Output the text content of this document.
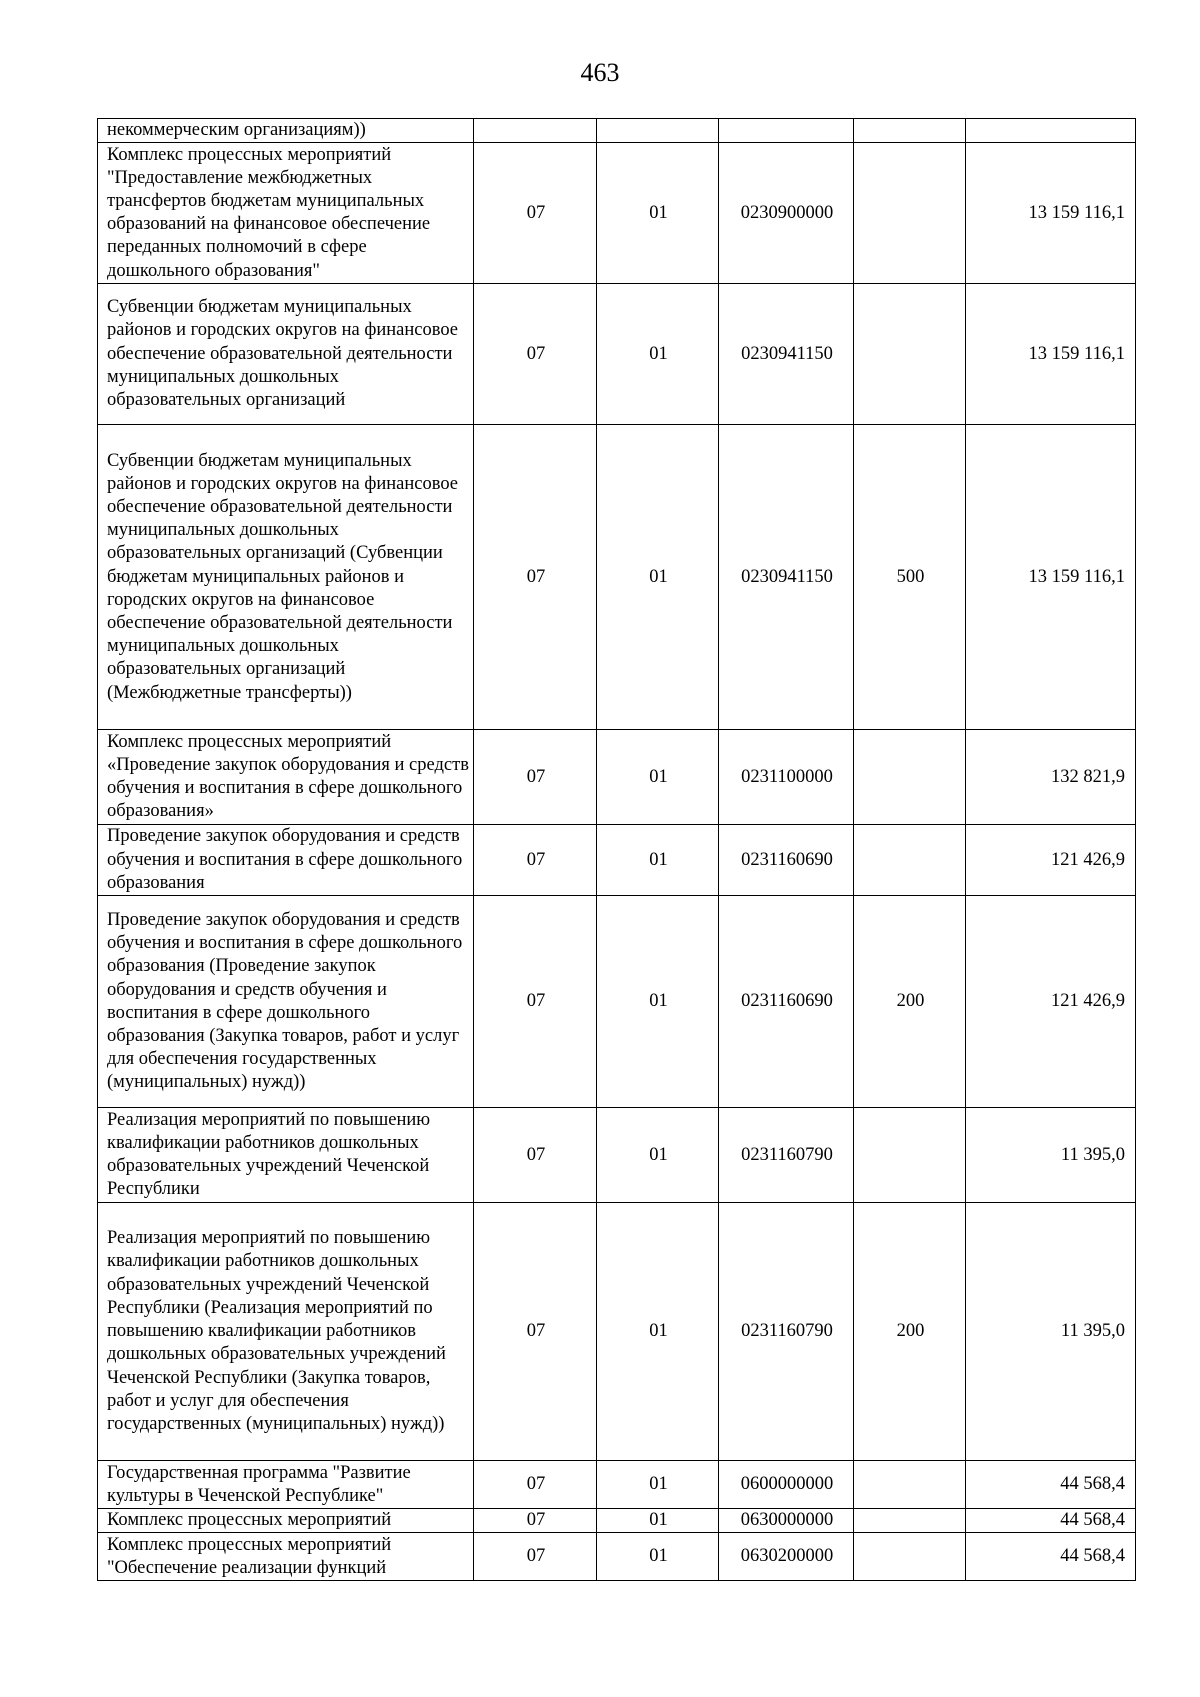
463
некоммерческим организациям))					
Комплекс процессных мероприятий "Предоставление межбюджетных трансфертов бюджетам муниципальных образований на финансовое обеспечение переданных полномочий в сфере дошкольного образования"	07	01	0230900000		13 159 116,1
Субвенции бюджетам муниципальных районов и городских округов на финансовое обеспечение образовательной деятельности муниципальных дошкольных образовательных организаций	07	01	0230941150		13 159 116,1
Субвенции бюджетам муниципальных районов и городских округов на финансовое обеспечение образовательной деятельности муниципальных дошкольных образовательных организаций (Субвенции бюджетам муниципальных районов и городских округов на финансовое обеспечение образовательной деятельности муниципальных дошкольных образовательных организаций (Межбюджетные трансферты))	07	01	0230941150	500	13 159 116,1
Комплекс процессных мероприятий «Проведение закупок оборудования и средств обучения и воспитания в сфере дошкольного образования»	07	01	0231100000		132 821,9
Проведение закупок оборудования и средств обучения и воспитания в сфере дошкольного образования	07	01	0231160690		121 426,9
Проведение закупок оборудования и средств обучения и воспитания в сфере дошкольного образования (Проведение закупок оборудования и средств обучения и воспитания в сфере дошкольного образования (Закупка товаров, работ и услуг для обеспечения государственных (муниципальных) нужд))	07	01	0231160690	200	121 426,9
Реализация мероприятий по повышению квалификации работников дошкольных образовательных учреждений Чеченской Республики	07	01	0231160790		11 395,0
Реализация мероприятий по повышению квалификации работников дошкольных образовательных учреждений Чеченской Республики (Реализация мероприятий по повышению квалификации работников дошкольных образовательных учреждений Чеченской Республики (Закупка товаров, работ и услуг для обеспечения государственных (муниципальных) нужд))	07	01	0231160790	200	11 395,0
Государственная программа "Развитие культуры в Чеченской Республике"	07	01	0600000000		44 568,4
Комплекс процессных мероприятий	07	01	0630000000		44 568,4
Комплекс процессных мероприятий "Обеспечение реализации функций	07	01	0630200000		44 568,4
